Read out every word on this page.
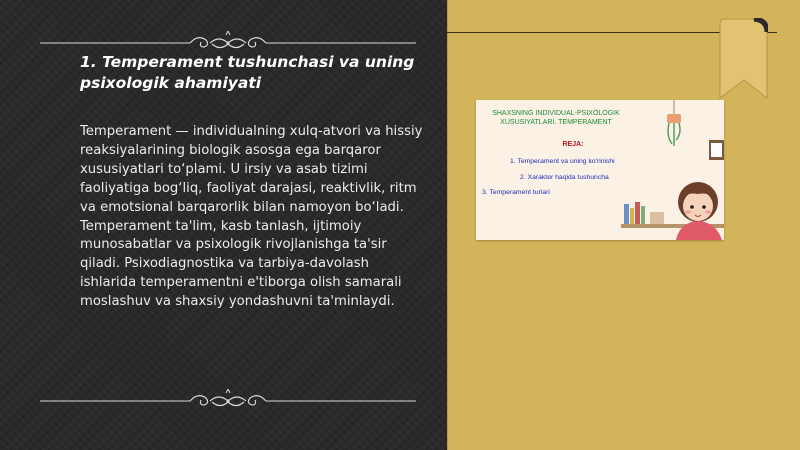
1. Temperament tushunchasi va uning psixologik ahamiyati

Temperament — individualning xulq-atvori va hissiy reaksiyalarining biologik asosga ega barqaror xususiyatlari to‘plami. U irsiy va asab tizimi faoliyatiga bog‘liq, faoliyat darajasi, reaktivlik, ritm va emotsional barqarorlik bilan namoyon bo‘ladi. Temperament ta'lim, kasb tanlash, ijtimoiy munosabatlar va psixologik rivojlanishga ta'sir qiladi. Psixodiagnostika va tarbiya-davolash ishlarida temperamentni e'tiborga olish samarali moslashuv va shaxsiy yondashuvni ta'minlaydi.

SHAXSNING INDIVIDUAL-PSIXOLOGIK XUSUSIYATLARI. TEMPERAMENT

REJA:
1. Temperament va uning ko'rinishi
2. Xarakter haqida tushuncha
3. Temperament turlari
